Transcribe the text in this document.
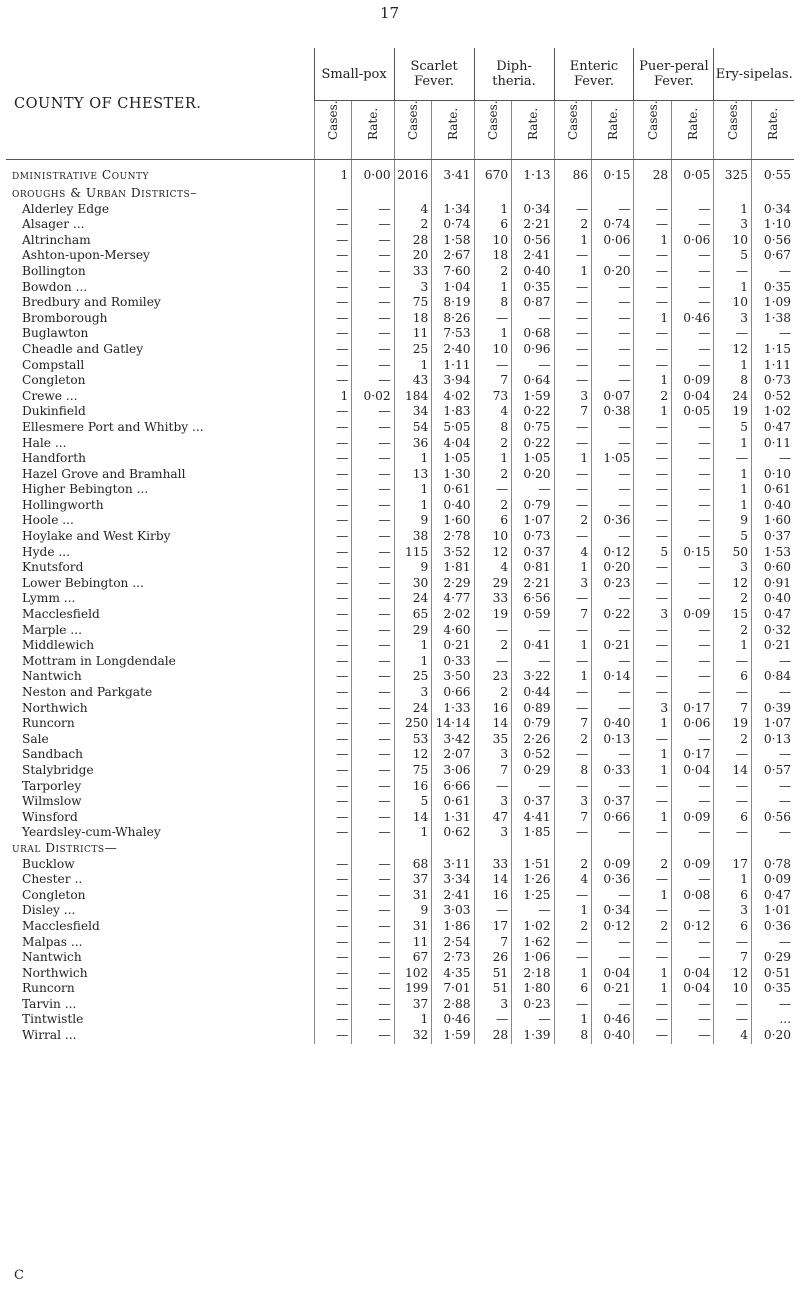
17
COUNTY OF CHESTER.	Small-pox		Scarlet Fever.		Diph-theria.		Enteric Fever.		Puer-peral Fever.		Ery-sipelas.	

	Cases.	Rate.	Cases.	Rate.	Cases.	Rate.	Cases.	Rate.	Cases.	Rate.	Cases.	Rate.

dministrative County	1	0·00	2016	3·41	670	1·13	86	0·15	28	0·05	325	0·55
oroughs & Urban Districts–												
Alderley Edge	—	—	4	1·34	1	0·34	—	—	—	—	1	0·34
Alsager ...	—	—	2	0·74	6	2·21	2	0·74	—	—	3	1·10
Altrincham	—	—	28	1·58	10	0·56	1	0·06	1	0·06	10	0·56
Ashton-upon-Mersey	—	—	20	2·67	18	2·41	—	—	—	—	5	0·67
Bollington	—	—	33	7·60	2	0·40	1	0·20	—	—	—	—
Bowdon ...	—	—	3	1·04	1	0·35	—	—	—	—	1	0·35
Bredbury and Romiley	—	—	75	8·19	8	0·87	—	—	—	—	10	1·09
Bromborough	—	—	18	8·26	—	—	—	—	1	0·46	3	1·38
Buglawton	—	—	11	7·53	1	0·68	—	—	—	—	—	—
Cheadle and Gatley	—	—	25	2·40	10	0·96	—	—	—	—	12	1·15
Compstall	—	—	1	1·11	—	—	—	—	—	—	1	1·11
Congleton	—	—	43	3·94	7	0·64	—	—	1	0·09	8	0·73
Crewe ...	1	0·02	184	4·02	73	1·59	3	0·07	2	0·04	24	0·52
Dukinfield	—	—	34	1·83	4	0·22	7	0·38	1	0·05	19	1·02
Ellesmere Port and Whitby ...	—	—	54	5·05	8	0·75	—	—	—	—	5	0·47
Hale ...	—	—	36	4·04	2	0·22	—	—	—	—	1	0·11
Handforth	—	—	1	1·05	1	1·05	1	1·05	—	—	—	—
Hazel Grove and Bramhall	—	—	13	1·30	2	0·20	—	—	—	—	1	0·10
Higher Bebington ...	—	—	1	0·61	—	—	—	—	—	—	1	0·61
Hollingworth	—	—	1	0·40	2	0·79	—	—	—	—	1	0·40
Hoole ...	—	—	9	1·60	6	1·07	2	0·36	—	—	9	1·60
Hoylake and West Kirby	—	—	38	2·78	10	0·73	—	—	—	—	5	0·37
Hyde ...	—	—	115	3·52	12	0·37	4	0·12	5	0·15	50	1·53
Knutsford	—	—	9	1·81	4	0·81	1	0·20	—	—	3	0·60
Lower Bebington ...	—	—	30	2·29	29	2·21	3	0·23	—	—	12	0·91
Lymm ...	—	—	24	4·77	33	6·56	—	—	—	—	2	0·40
Macclesfield	—	—	65	2·02	19	0·59	7	0·22	3	0·09	15	0·47
Marple ...	—	—	29	4·60	—	—	—	—	—	—	2	0·32
Middlewich	—	—	1	0·21	2	0·41	1	0·21	—	—	1	0·21
Mottram in Longdendale	—	—	1	0·33	—	—	—	—	—	—	—	—
Nantwich	—	—	25	3·50	23	3·22	1	0·14	—	—	6	0·84
Neston and Parkgate	—	—	3	0·66	2	0·44	—	—	—	—	—	—
Northwich	—	—	24	1·33	16	0·89	—	—	3	0·17	7	0·39
Runcorn	—	—	250	14·14	14	0·79	7	0·40	1	0·06	19	1·07
Sale	—	—	53	3·42	35	2·26	2	0·13	—	—	2	0·13
Sandbach	—	—	12	2·07	3	0·52	—	—	1	0·17	—	—
Stalybridge	—	—	75	3·06	7	0·29	8	0·33	1	0·04	14	0·57
Tarporley	—	—	16	6·66	—	—	—	—	—	—	—	—
Wilmslow	—	—	5	0·61	3	0·37	3	0·37	—	—	—	—
Winsford	—	—	14	1·31	47	4·41	7	0·66	1	0·09	6	0·56
Yeardsley-cum-Whaley	—	—	1	0·62	3	1·85	—	—	—	—	—	—
ural Districts—												
Bucklow	—	—	68	3·11	33	1·51	2	0·09	2	0·09	17	0·78
Chester ..	—	—	37	3·34	14	1·26	4	0·36	—	—	1	0·09
Congleton	—	—	31	2·41	16	1·25	—	—	1	0·08	6	0·47
Disley ...	—	—	9	3·03	—	—	1	0·34	—	—	3	1·01
Macclesfield	—	—	31	1·86	17	1·02	2	0·12	2	0·12	6	0·36
Malpas ...	—	—	11	2·54	7	1·62	—	—	—	—	—	—
Nantwich	—	—	67	2·73	26	1·06	—	—	—	—	7	0·29
Northwich	—	—	102	4·35	51	2·18	1	0·04	1	0·04	12	0·51
Runcorn	—	—	199	7·01	51	1·80	6	0·21	1	0·04	10	0·35
Tarvin ...	—	—	37	2·88	3	0·23	—	—	—	—	—	—
Tintwistle	—	—	1	0·46	—	—	1	0·46	—	—	—	...
Wirral ...	—	—	32	1·59	28	1·39	8	0·40	—	—	4	0·20
C
